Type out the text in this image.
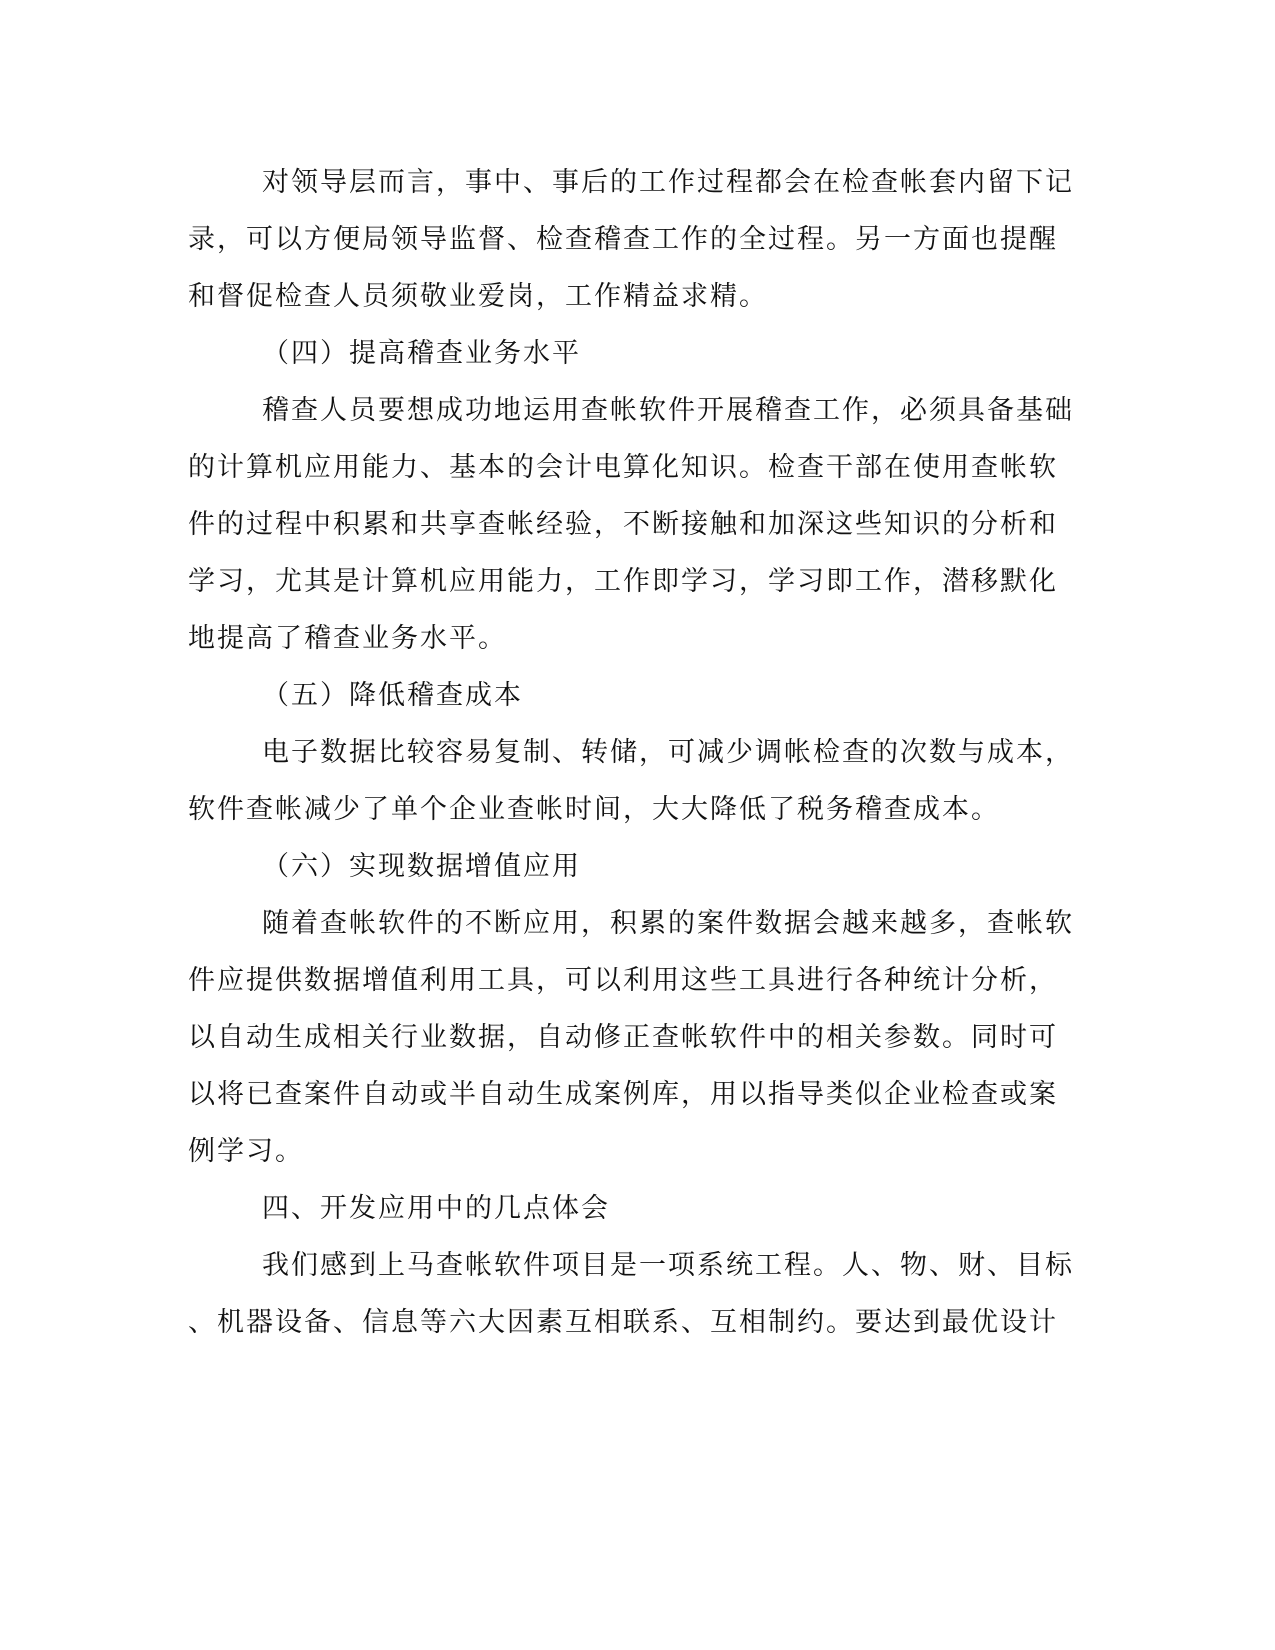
对领导层而言，事中、事后的工作过程都会在检查帐套内留下记
录，可以方便局领导监督、检查稽查工作的全过程。另一方面也提醒
和督促检查人员须敬业爱岗，工作精益求精。
（四）提高稽查业务水平
稽查人员要想成功地运用查帐软件开展稽查工作，必须具备基础
的计算机应用能力、基本的会计电算化知识。检查干部在使用查帐软
件的过程中积累和共享查帐经验，不断接触和加深这些知识的分析和
学习，尤其是计算机应用能力，工作即学习，学习即工作，潜移默化
地提高了稽查业务水平。
（五）降低稽查成本
电子数据比较容易复制、转储，可减少调帐检查的次数与成本，
软件查帐减少了单个企业查帐时间，大大降低了税务稽查成本。
（六）实现数据增值应用
随着查帐软件的不断应用，积累的案件数据会越来越多，查帐软
件应提供数据增值利用工具，可以利用这些工具进行各种统计分析，
以自动生成相关行业数据，自动修正查帐软件中的相关参数。同时可
以将已查案件自动或半自动生成案例库，用以指导类似企业检查或案
例学习。
四、开发应用中的几点体会
我们感到上马查帐软件项目是一项系统工程。人、物、财、目标
、机器设备、信息等六大因素互相联系、互相制约。要达到最优设计
